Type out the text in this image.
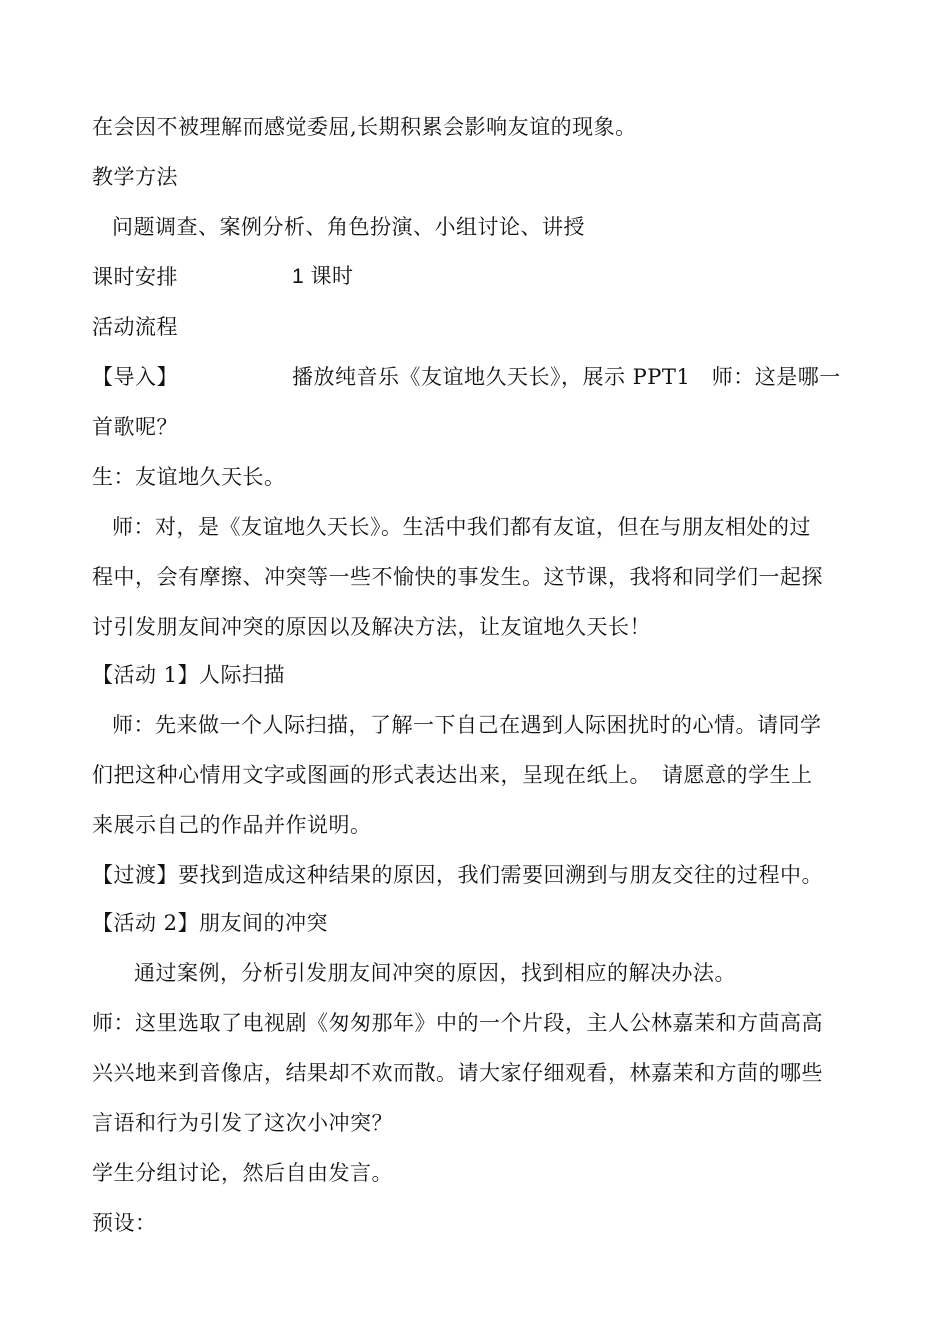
在会因不被理解而感觉委屈,长期积累会影响友谊的现象。
教学方法
问题调查、案例分析、角色扮演、小组讨论、讲授
课时安排	1 课时
活动流程
【导入】	播放纯音乐《友谊地久天长》，展示 PPT1　师：这是哪一
首歌呢？
生：友谊地久天长。
师：对，是《友谊地久天长》。生活中我们都有友谊，但在与朋友相处的过
程中，会有摩擦、冲突等一些不愉快的事发生。这节课，我将和同学们一起探
讨引发朋友间冲突的原因以及解决方法，让友谊地久天长！
【活动 1】人际扫描
师：先来做一个人际扫描，了解一下自己在遇到人际困扰时的心情。请同学
们把这种心情用文字或图画的形式表达出来，呈现在纸上。　请愿意的学生上
来展示自己的作品并作说明。
【过渡】要找到造成这种结果的原因，我们需要回溯到与朋友交往的过程中。
【活动 2】朋友间的冲突
通过案例，分析引发朋友间冲突的原因，找到相应的解决办法。
师：这里选取了电视剧《匆匆那年》中的一个片段，主人公林嘉茉和方茴高高
兴兴地来到音像店，结果却不欢而散。请大家仔细观看，林嘉茉和方茴的哪些
言语和行为引发了这次小冲突？
学生分组讨论，然后自由发言。
预设：
